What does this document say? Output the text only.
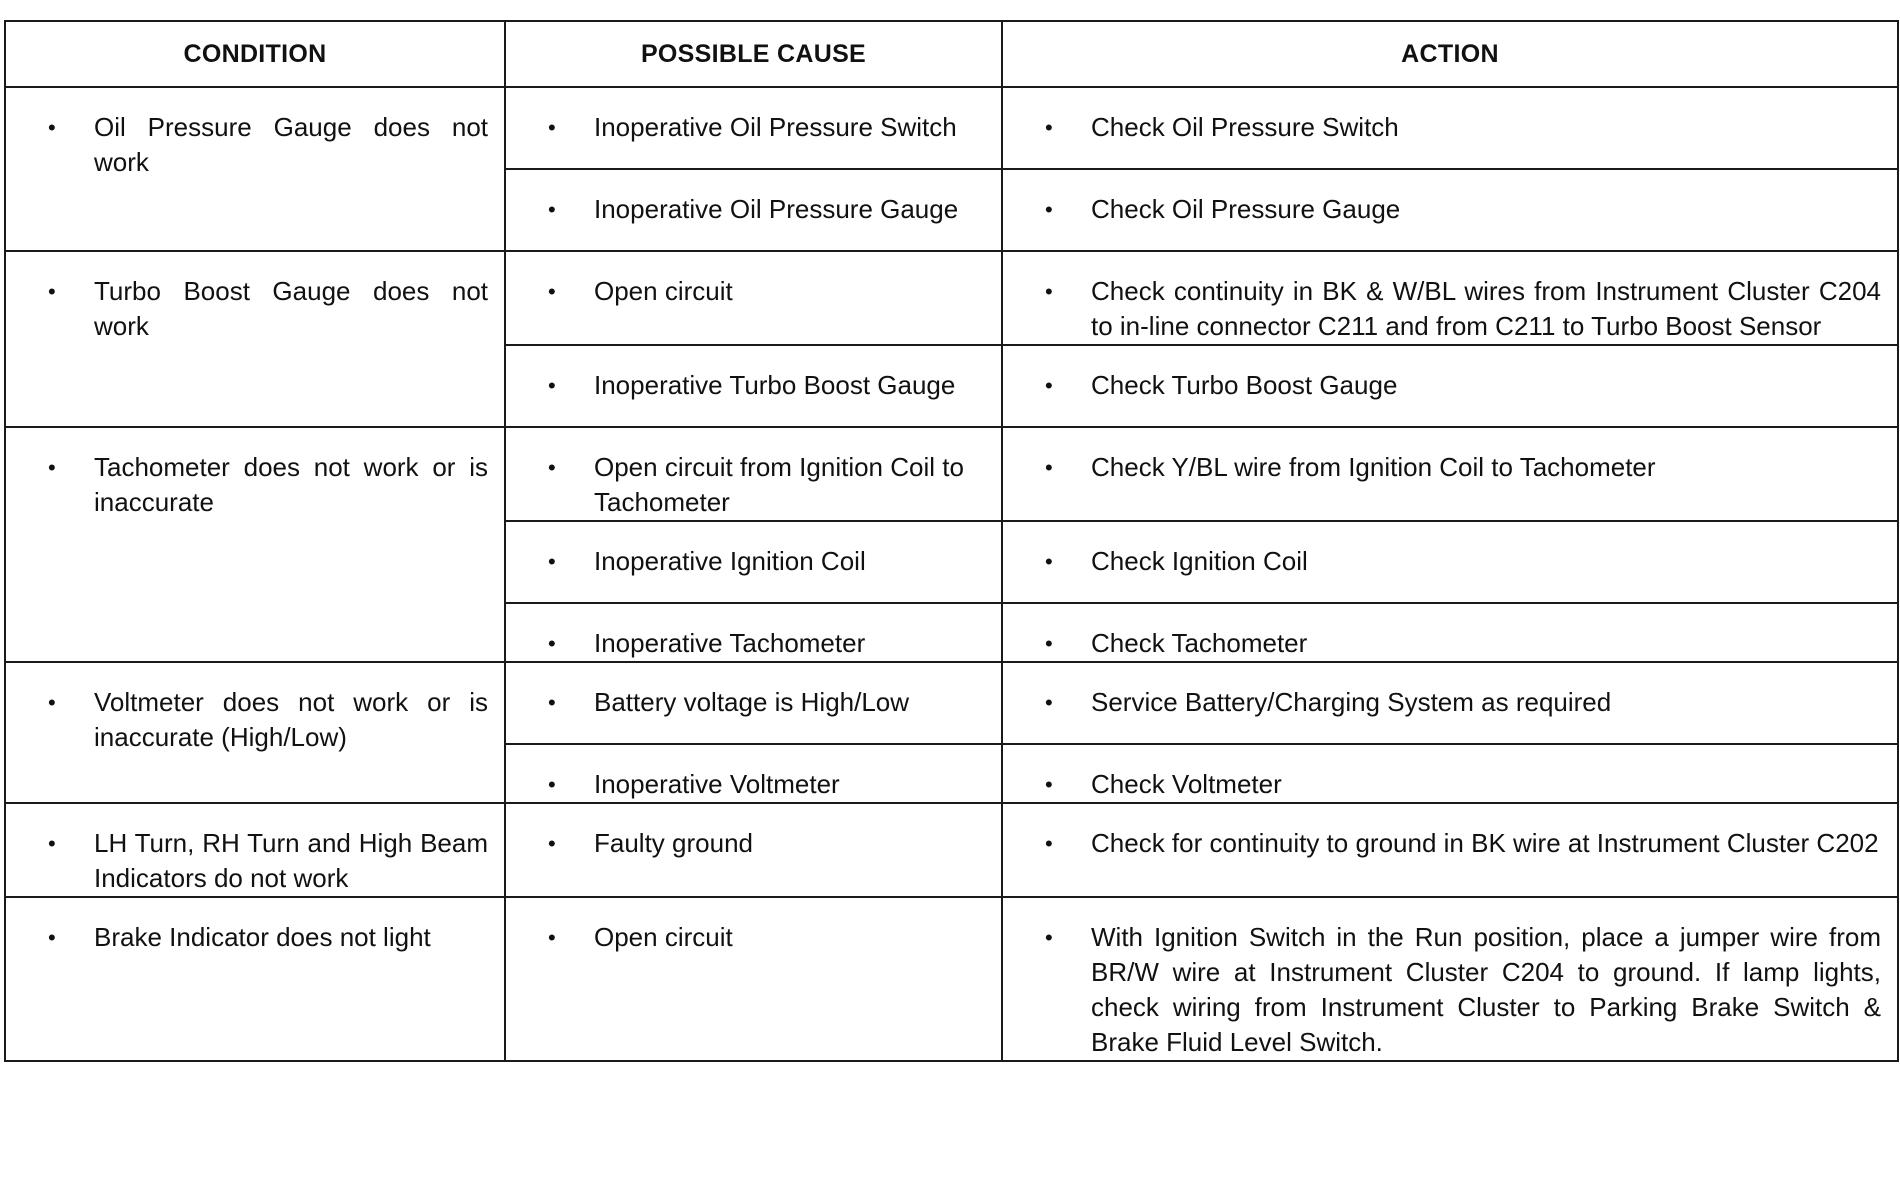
CONDITION	POSSIBLE CAUSE	ACTION

• Oil Pressure Gauge does not work	• Inoperative Oil Pressure Switch	• Check Oil Pressure Switch

	• Inoperative Oil Pressure Gauge	• Check Oil Pressure Gauge

• Turbo Boost Gauge does not work	• Open circuit	• Check continuity in BK & W/BL wires from Instrument Cluster C204 to in-line connector C211 and from C211 to Turbo Boost Sensor

	• Inoperative Turbo Boost Gauge	• Check Turbo Boost Gauge

• Tachometer does not work or is inaccurate	• Open circuit from Ignition Coil to Tachometer	• Check Y/BL wire from Ignition Coil to Tachometer

	• Inoperative Ignition Coil	• Check Ignition Coil

	• Inoperative Tachometer	• Check Tachometer

• Voltmeter does not work or is inaccurate (High/Low)	• Battery voltage is High/Low	• Service Battery/Charging System as required

	• Inoperative Voltmeter	• Check Voltmeter

• LH Turn, RH Turn and High Beam Indicators do not work	• Faulty ground	• Check for continuity to ground in BK wire at Instrument Cluster C202

• Brake Indicator does not light	• Open circuit	• With Ignition Switch in the Run position, place a jumper wire from BR/W wire at Instrument Cluster C204 to ground. If lamp lights, check wiring from Instrument Cluster to Parking Brake Switch & Brake Fluid Level Switch.
